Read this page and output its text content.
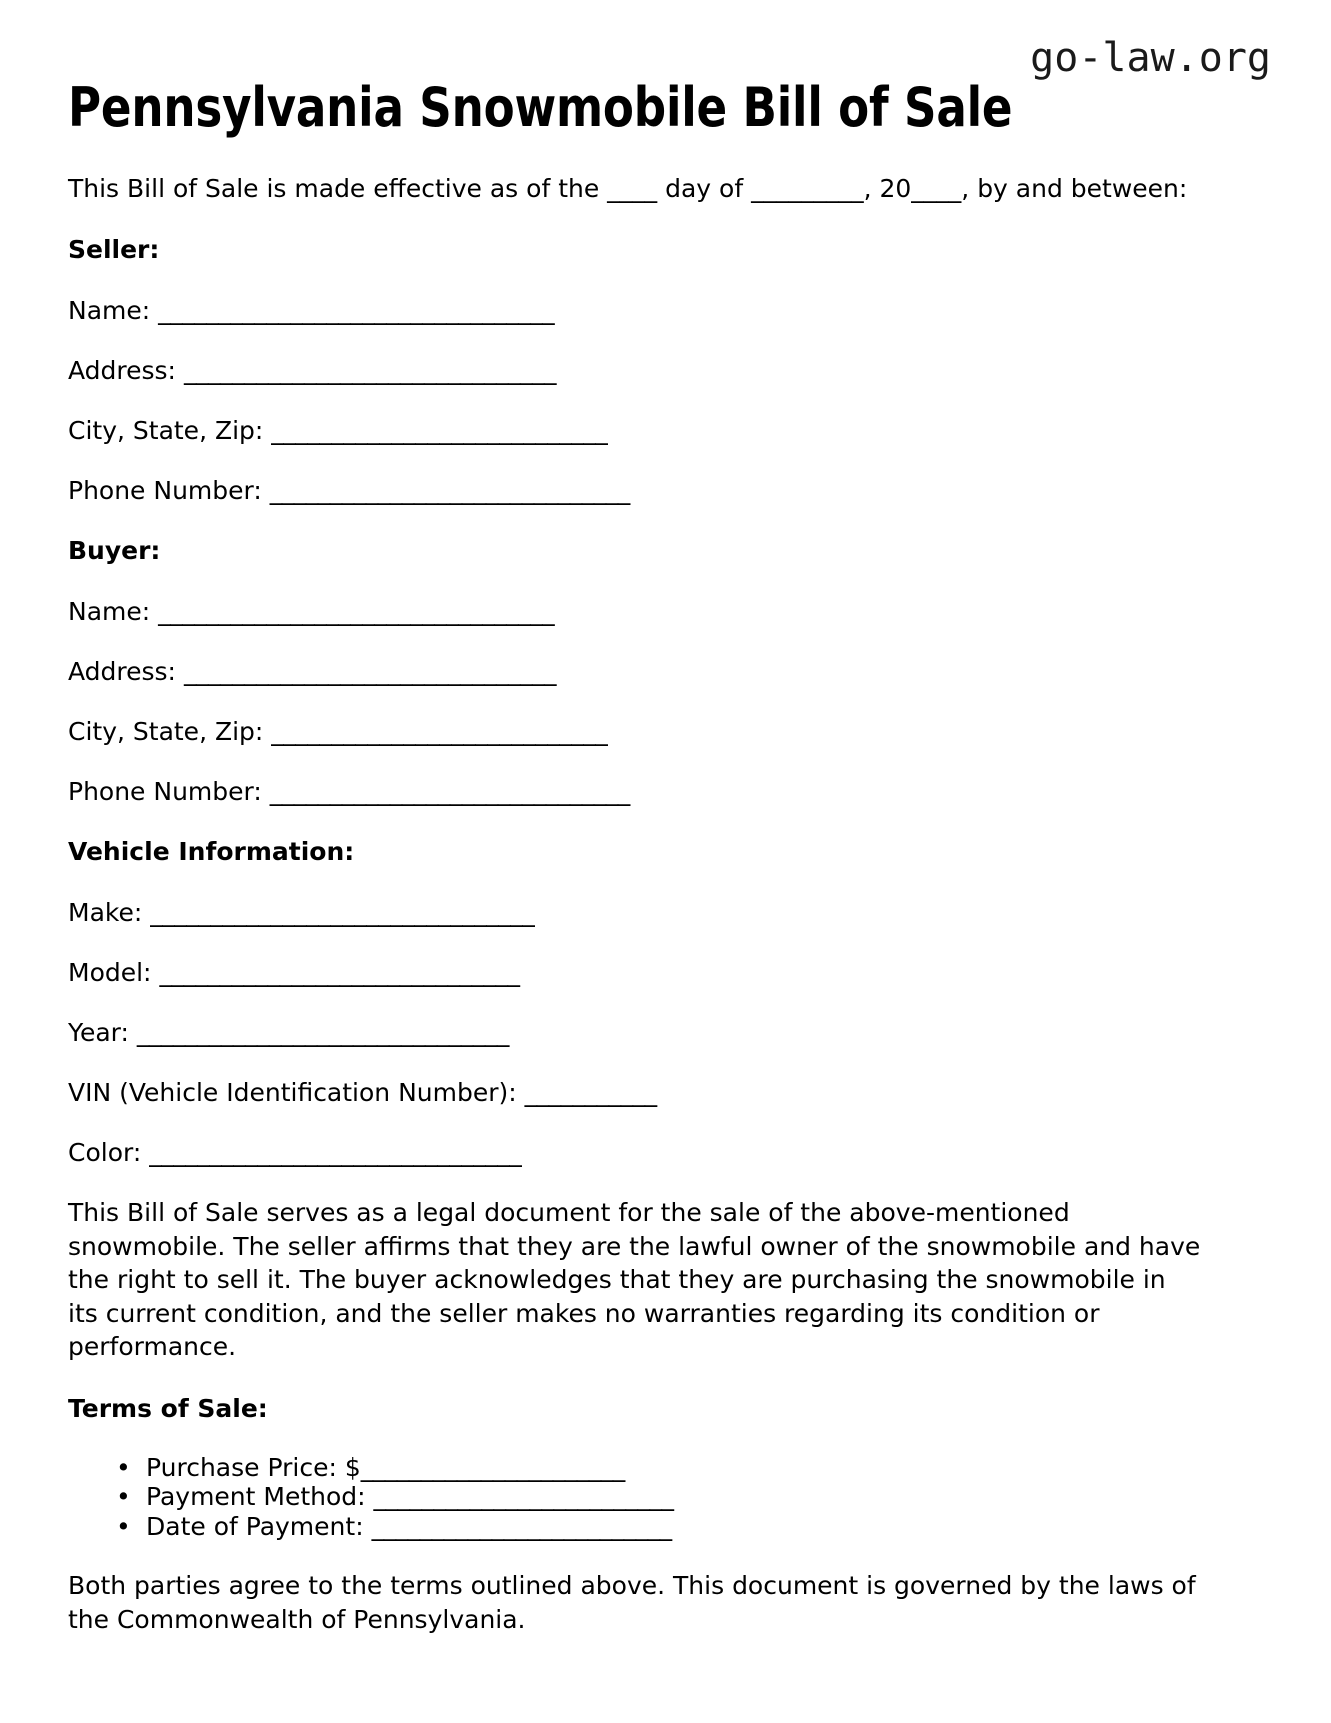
go-law.org
Pennsylvania Snowmobile Bill of Sale

This Bill of Sale is made effective as of the ____ day of _________, 20____, by and between:

Seller:

Name: _________________________________

Address: _______________________________

City, State, Zip: ____________________________

Phone Number: ______________________________

Buyer:

Name: _________________________________

Address: _______________________________

City, State, Zip: ____________________________

Phone Number: ______________________________

Vehicle Information:

Make: ________________________________

Model: ______________________________

Year: _______________________________

VIN (Vehicle Identification Number): ___________

Color: _______________________________

This Bill of Sale serves as a legal document for the sale of the above-mentioned snowmobile. The seller affirms that they are the lawful owner of the snowmobile and have the right to sell it. The buyer acknowledges that they are purchasing the snowmobile in its current condition, and the seller makes no warranties regarding its condition or performance.

Terms of Sale:

• Purchase Price: $______________________
• Payment Method: _________________________
• Date of Payment: _________________________

Both parties agree to the terms outlined above. This document is governed by the laws of the Commonwealth of Pennsylvania.
